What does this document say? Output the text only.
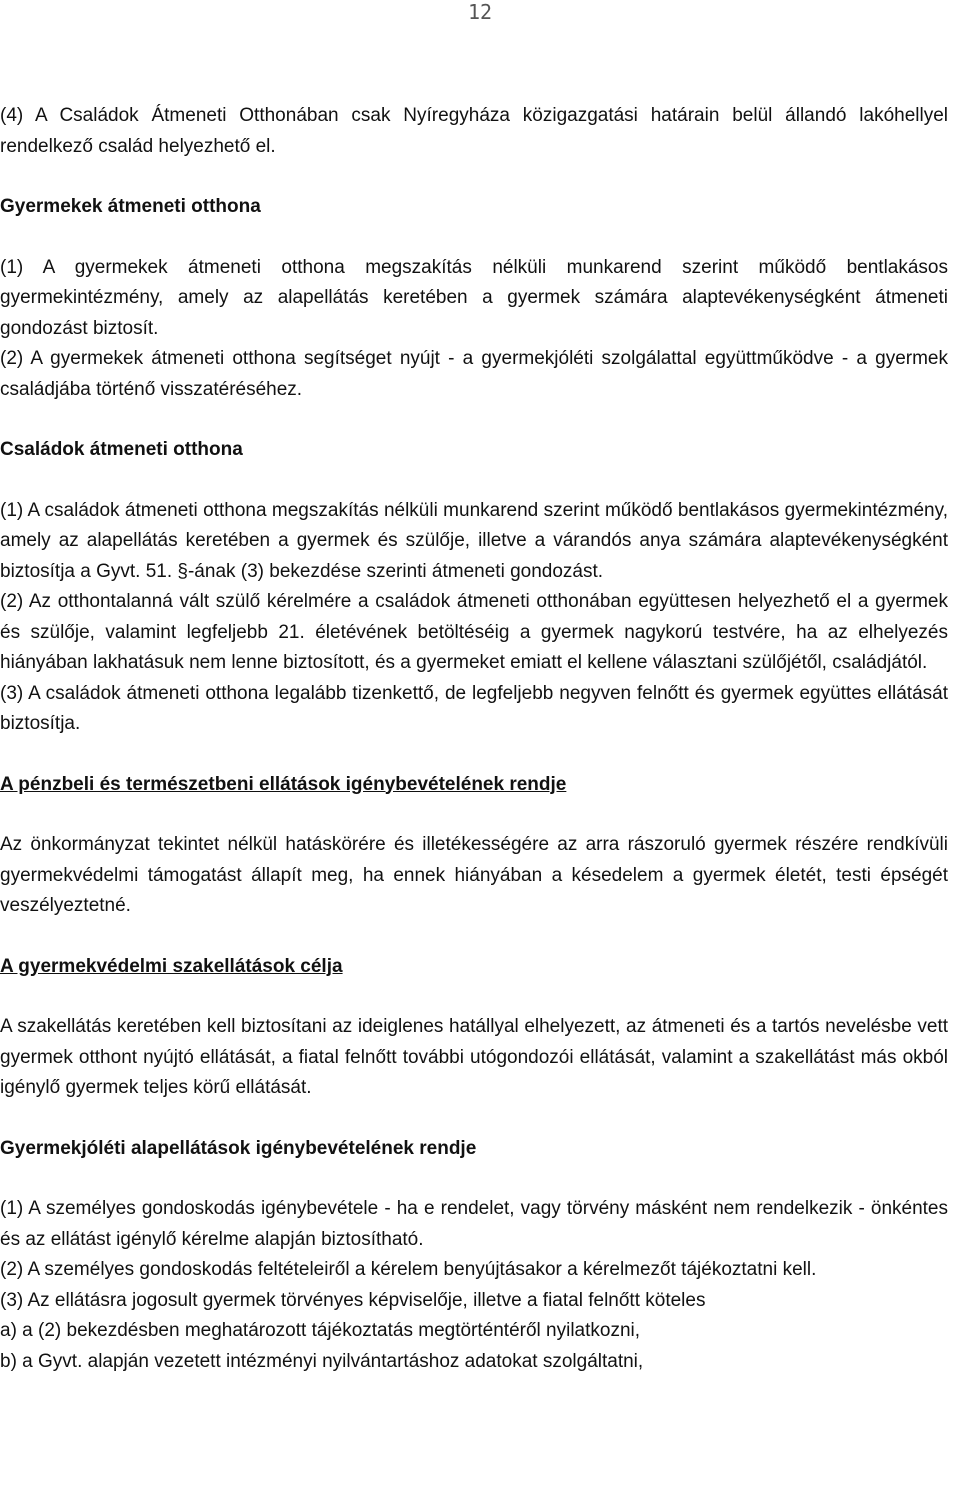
12

(4) A Családok Átmeneti Otthonában csak Nyíregyháza közigazgatási határain belül állandó lakóhellyel rendelkező család helyezhető el.

Gyermekek átmeneti otthona

(1) A gyermekek átmeneti otthona megszakítás nélküli munkarend szerint működő bentlakásos gyermekintézmény, amely az alapellátás keretében a gyermek számára alaptevékenységként átmeneti gondozást biztosít.

(2) A gyermekek átmeneti otthona segítséget nyújt - a gyermekjóléti szolgálattal együttműködve - a gyermek családjába történő visszatéréséhez.

Családok átmeneti otthona

(1) A családok átmeneti otthona megszakítás nélküli munkarend szerint működő bentlakásos gyermekintézmény, amely az alapellátás keretében a gyermek és szülője, illetve a várandós anya számára alaptevékenységként biztosítja a Gyvt. 51. §-ának (3) bekezdése szerinti átmeneti gondozást.

(2) Az otthontalanná vált szülő kérelmére a családok átmeneti otthonában együttesen helyezhető el a gyermek és szülője, valamint legfeljebb 21. életévének betöltéséig a gyermek nagykorú testvére, ha az elhelyezés hiányában lakhatásuk nem lenne biztosított, és a gyermeket emiatt el kellene választani szülőjétől, családjától.

(3) A családok átmeneti otthona legalább tizenkettő, de legfeljebb negyven felnőtt és gyermek együttes ellátását biztosítja.

A pénzbeli és természetbeni ellátások igénybevételének rendje

Az önkormányzat tekintet nélkül hatáskörére és illetékességére az arra rászoruló gyermek részére rendkívüli gyermekvédelmi támogatást állapít meg, ha ennek hiányában a késedelem a gyermek életét, testi épségét veszélyeztetné.

A gyermekvédelmi szakellátások célja

A szakellátás keretében kell biztosítani az ideiglenes hatállyal elhelyezett, az átmeneti és a tartós nevelésbe vett gyermek otthont nyújtó ellátását, a fiatal felnőtt további utógondozói ellátását, valamint a szakellátást más okból igénylő gyermek teljes körű ellátását.

Gyermekjóléti alapellátások igénybevételének rendje

(1) A személyes gondoskodás igénybevétele - ha e rendelet, vagy törvény másként nem rendelkezik - önkéntes és az ellátást igénylő kérelme alapján biztosítható.

(2) A személyes gondoskodás feltételeiről a kérelem benyújtásakor a kérelmezőt tájékoztatni kell.

(3) Az ellátásra jogosult gyermek törvényes képviselője, illetve a fiatal felnőtt köteles

a) a (2) bekezdésben meghatározott tájékoztatás megtörténtéről nyilatkozni,

b) a Gyvt. alapján vezetett intézményi nyilvántartáshoz adatokat szolgáltatni,
